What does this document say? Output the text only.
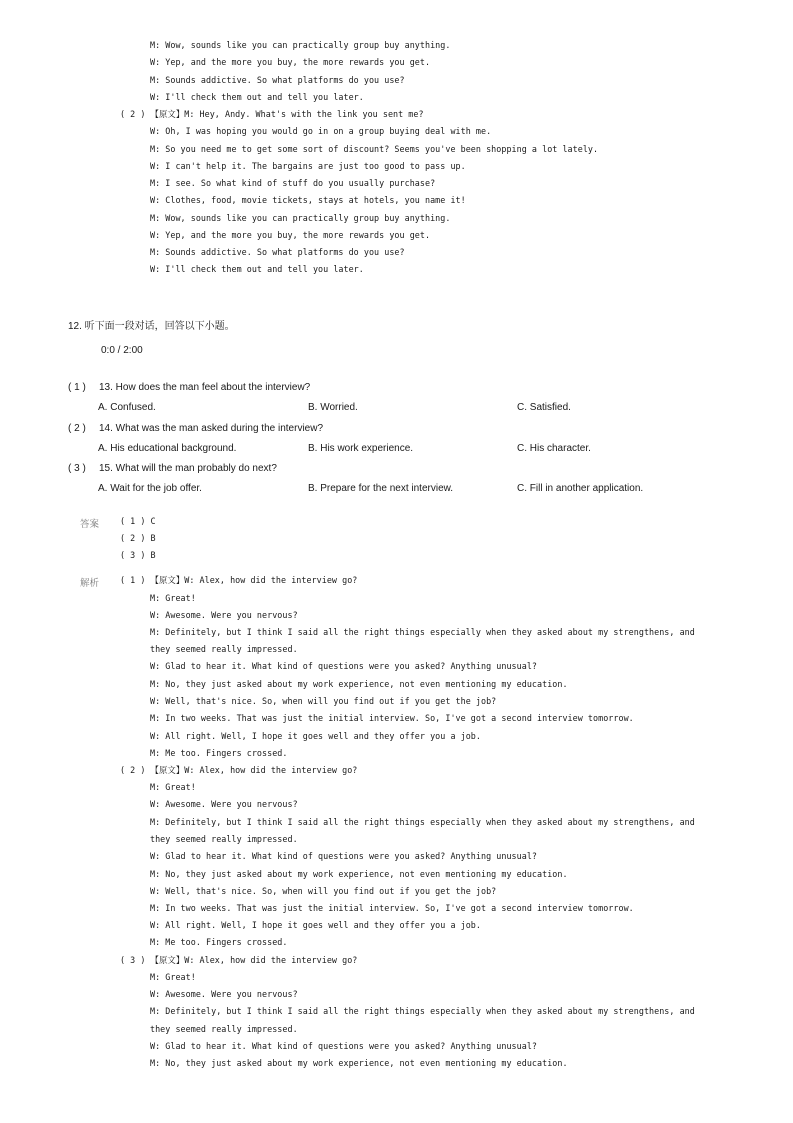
M: Wow, sounds like you can practically group buy anything.
W: Yep, and the more you buy, the more rewards you get.
M: Sounds addictive. So what platforms do you use?
W: I'll check them out and tell you later.
( 2 ) 【原文】M: Hey, Andy. What's with the link you sent me?
W: Oh, I was hoping you would go in on a group buying deal with me.
M: So you need me to get some sort of discount? Seems you've been shopping a lot lately.
W: I can't help it. The bargains are just too good to pass up.
M: I see. So what kind of stuff do you usually purchase?
W: Clothes, food, movie tickets, stays at hotels, you name it!
M: Wow, sounds like you can practically group buy anything.
W: Yep, and the more you buy, the more rewards you get.
M: Sounds addictive. So what platforms do you use?
W: I'll check them out and tell you later.
12. 听下面一段对话，回答以下小题。
0:0 / 2:00
( 1 ) 13. How does the man feel about the interview?
A. Confused.	B. Worried.	C. Satisfied.
( 2 ) 14. What was the man asked during the interview?
A. His educational background.	B. His work experience.	C. His character.
( 3 ) 15. What will the man probably do next?
A. Wait for the job offer.	B. Prepare for the next interview.	C. Fill in another application.
答案 ( 1 ) C
( 2 ) B
( 3 ) B
解析 ( 1 ) 【原文】W: Alex, how did the interview go?
M: Great!
W: Awesome. Were you nervous?
M: Definitely, but I think I said all the right things especially when they asked about my strengthens, and
they seemed really impressed.
W: Glad to hear it. What kind of questions were you asked? Anything unusual?
M: No, they just asked about my work experience, not even mentioning my education.
W: Well, that's nice. So, when will you find out if you get the job?
M: In two weeks. That was just the initial interview. So, I've got a second interview tomorrow.
W: All right. Well, I hope it goes well and they offer you a job.
M: Me too. Fingers crossed.
( 2 ) 【原文】W: Alex, how did the interview go?
M: Great!
W: Awesome. Were you nervous?
M: Definitely, but I think I said all the right things especially when they asked about my strengthens, and
they seemed really impressed.
W: Glad to hear it. What kind of questions were you asked? Anything unusual?
M: No, they just asked about my work experience, not even mentioning my education.
W: Well, that's nice. So, when will you find out if you get the job?
M: In two weeks. That was just the initial interview. So, I've got a second interview tomorrow.
W: All right. Well, I hope it goes well and they offer you a job.
M: Me too. Fingers crossed.
( 3 ) 【原文】W: Alex, how did the interview go?
M: Great!
W: Awesome. Were you nervous?
M: Definitely, but I think I said all the right things especially when they asked about my strengthens, and
they seemed really impressed.
W: Glad to hear it. What kind of questions were you asked? Anything unusual?
M: No, they just asked about my work experience, not even mentioning my education.
